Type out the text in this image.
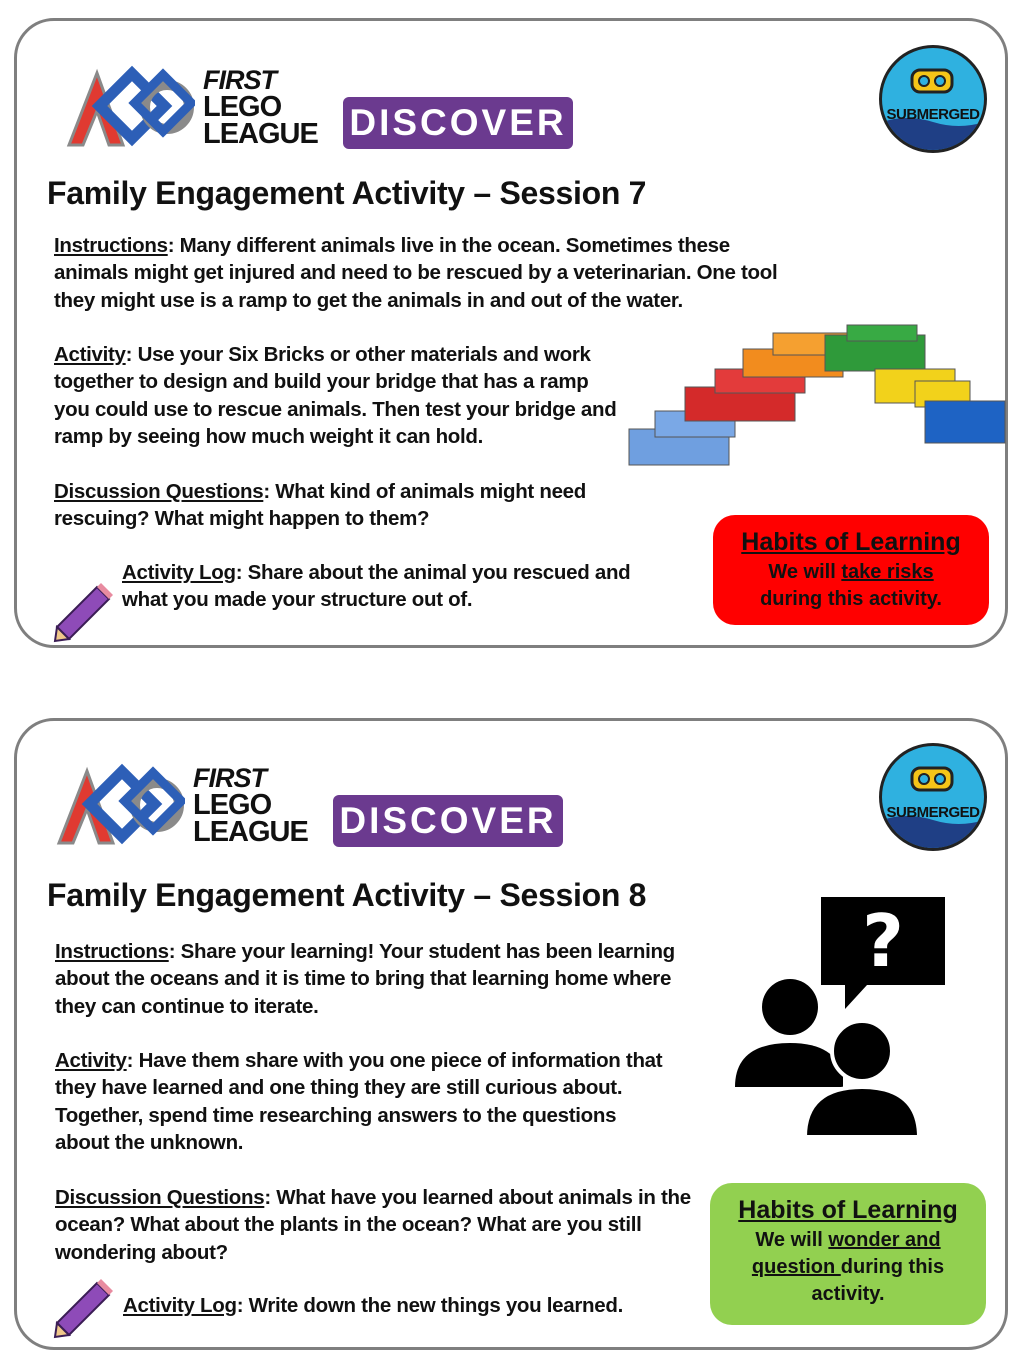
FIRST
LEGO
LEAGUE DISCOVER	SUBMERGED
Family Engagement Activity – Session 7
Instructions: Many different animals live in the ocean. Sometimes these animals might get injured and need to be rescued by a veterinarian. One tool they might use is a ramp to get the animals in and out of the water.
Activity: Use your Six Bricks or other materials and work together to design and build your bridge that has a ramp you could use to rescue animals. Then test your bridge and ramp by seeing how much weight it can hold.
Discussion Questions: What kind of animals might need rescuing? What might happen to them?
Activity Log: Share about the animal you rescued and what you made your structure out of.
Habits of Learning
We will take risks during this activity.
FIRST
LEGO
LEAGUE DISCOVER	SUBMERGED
Family Engagement Activity – Session 8
Instructions: Share your learning! Your student has been learning about the oceans and it is time to bring that learning home where they can continue to iterate.
Activity: Have them share with you one piece of information that they have learned and one thing they are still curious about. Together, spend time researching answers to the questions about the unknown.
Discussion Questions: What have you learned about animals in the ocean? What about the plants in the ocean? What are you still wondering about?
?
Activity Log: Write down the new things you learned.
Habits of Learning
We will wonder and question during this activity.
